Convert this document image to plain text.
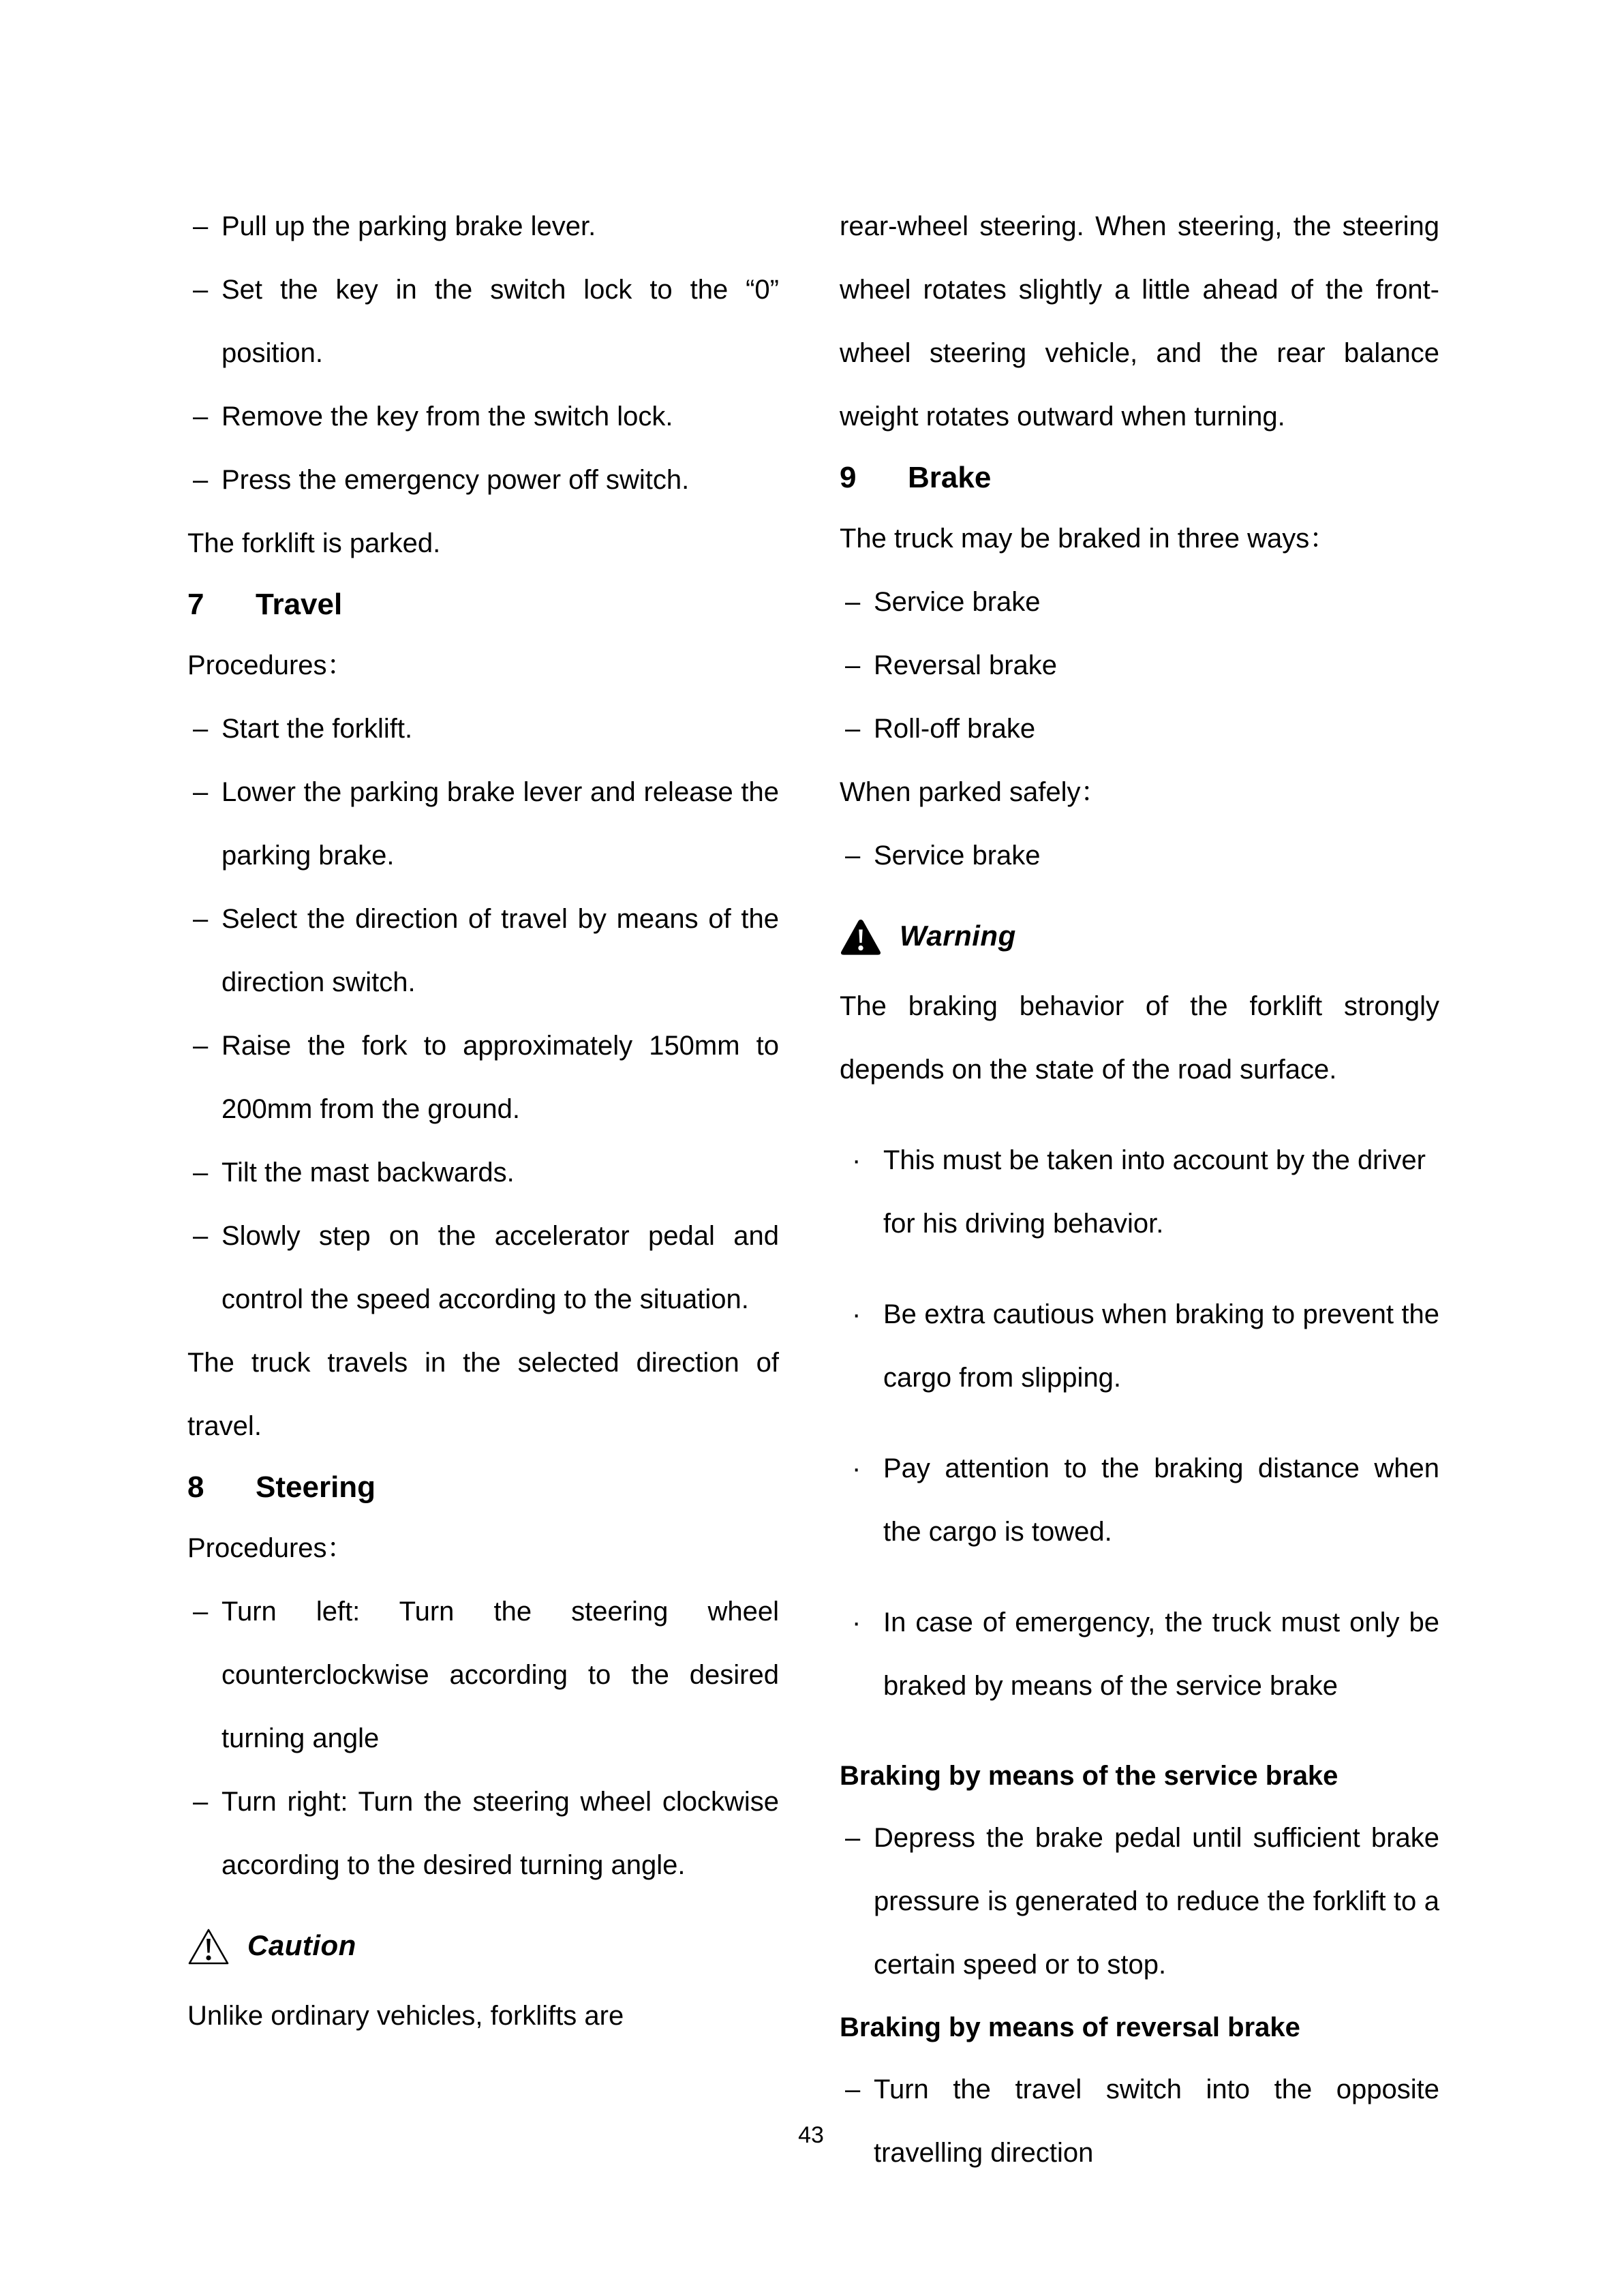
– Pull up the parking brake lever.

– Set the key in the switch lock to the “0” position.

– Remove the key from the switch lock.

– Press the emergency power off switch.

The forklift is parked.

7	Travel

Procedures：

– Start the forklift.

– Lower the parking brake lever and release the parking brake.

– Select the direction of travel by means of the direction switch.

– Raise the fork to approximately 150mm to 200mm from the ground.

– Tilt the mast backwards.

– Slowly step on the accelerator pedal and control the speed according to the situation.

The truck travels in the selected direction of travel.

8	Steering

Procedures：

– Turn left: Turn the steering wheel counterclockwise according to the desired turning angle

– Turn right: Turn the steering wheel clockwise according to the desired turning angle.

Caution

Unlike ordinary vehicles, forklifts are

rear-wheel steering. When steering, the steering wheel rotates slightly a little ahead of the front-wheel steering vehicle, and the rear balance weight rotates outward when turning.

9	Brake

The truck may be braked in three ways：

– Service brake

– Reversal brake

– Roll-off brake

When parked safely：

– Service brake

Warning

The braking behavior of the forklift strongly depends on the state of the road surface.

· This must be taken into account by the driver for his driving behavior.

· Be extra cautious when braking to prevent the cargo from slipping.

· Pay attention to the braking distance when the cargo is towed.

· In case of emergency, the truck must only be braked by means of the service brake

Braking by means of the service brake

– Depress the brake pedal until sufficient brake pressure is generated to reduce the forklift to a certain speed or to stop.

Braking by means of reversal brake

– Turn the travel switch into the opposite travelling direction

43
